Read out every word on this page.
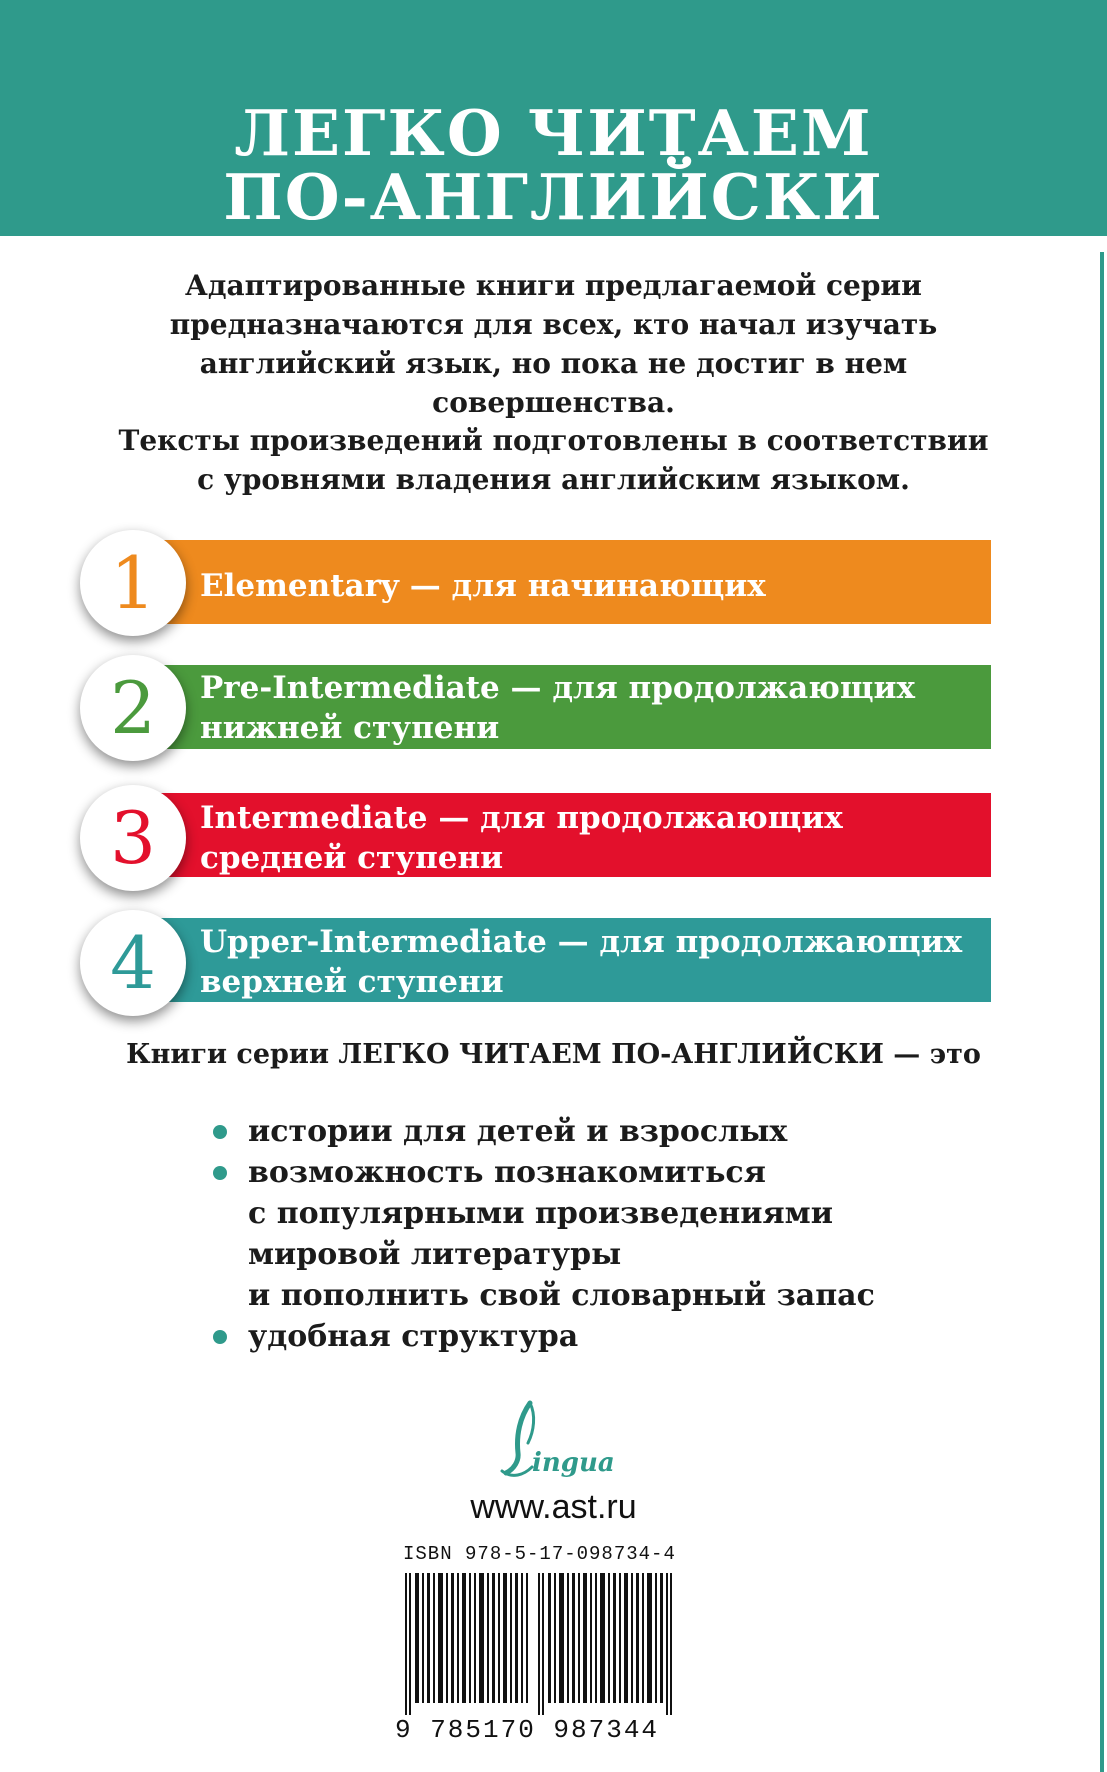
ЛЕГКО ЧИТАЕМ
ПО-АНГЛИЙСКИ
Адаптированные книги предлагаемой серии
предназначаются для всех, кто начал изучать
английский язык, но пока не достиг в нем
совершенства.
Тексты произведений подготовлены в соответствии
с уровнями владения английским языком.
Elementary — для начинающих
1
Pre-Intermediate — для продолжающих
нижней ступени
2
Intermediate — для продолжающих
средней ступени
3
Upper-Intermediate — для продолжающих
верхней ступени
4
Книги серии ЛЕГКО ЧИТАЕМ ПО-АНГЛИЙСКИ — это
истории для детей и взрослых
возможность познакомиться
с популярными произведениями
мировой литературы
и пополнить свой словарный запас
удобная структура
ingua
www.ast.ru
ISBN 978-5-17-098734-4
9 785170 987344
